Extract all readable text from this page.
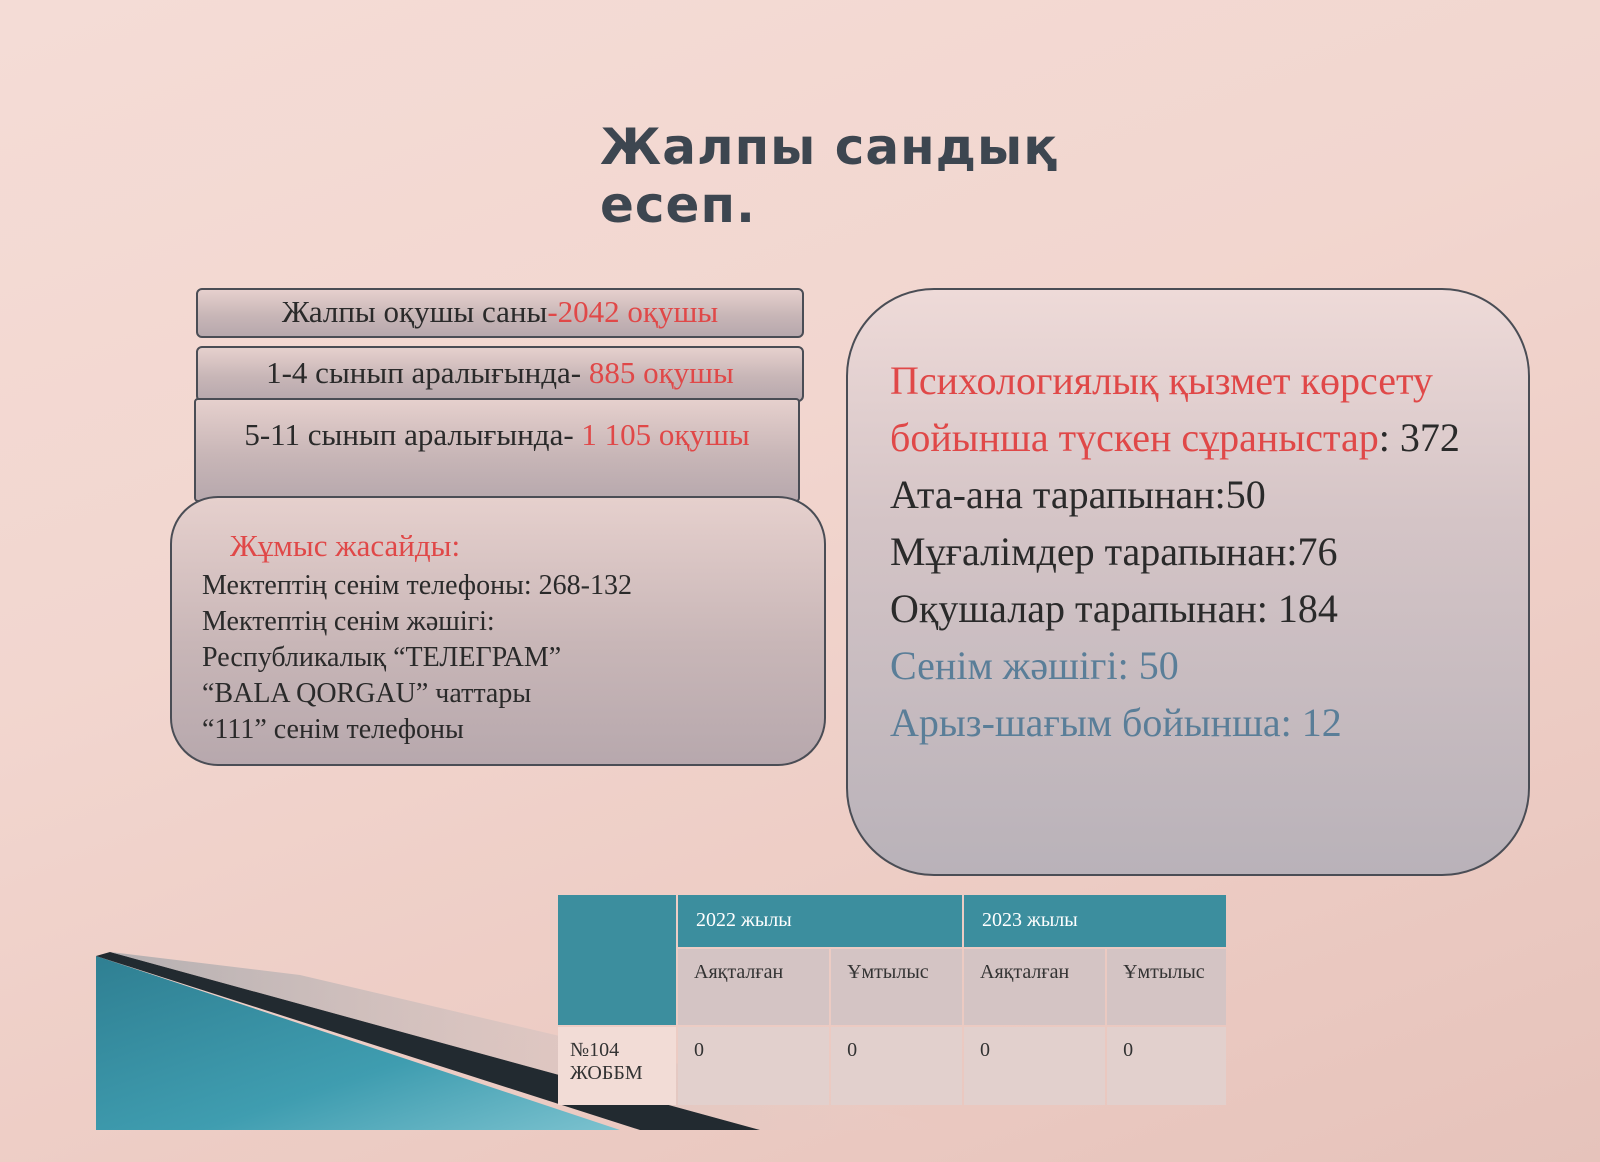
Жалпы сандық есеп.
Жалпы оқушы саны-2042 оқушы
1-4 сынып аралығында- 885 оқушы
5-11 сынып аралығында- 1 105 оқушы
Жұмыс жасайды:
Мектептің сенім телефоны: 268-132
Мектептің сенім жәшігі:
Республикалық “ТЕЛЕГРАМ”
“BALA QORGAU” чаттары
“111” сенім телефоны
Психологиялық қызмет көрсету бойынша түскен сұраныстар: 372
Ата-ана тарапынан:50
Мұғалімдер тарапынан:76
Оқушалар тарапынан: 184
Сенім жәшігі: 50
Арыз-шағым бойынша: 12
	2022 жылы		2023 жылы	
	Аяқталған	Ұмтылыс	Аяқталған	Ұмтылыс
№104 ЖОББМ	0	0	0	0
